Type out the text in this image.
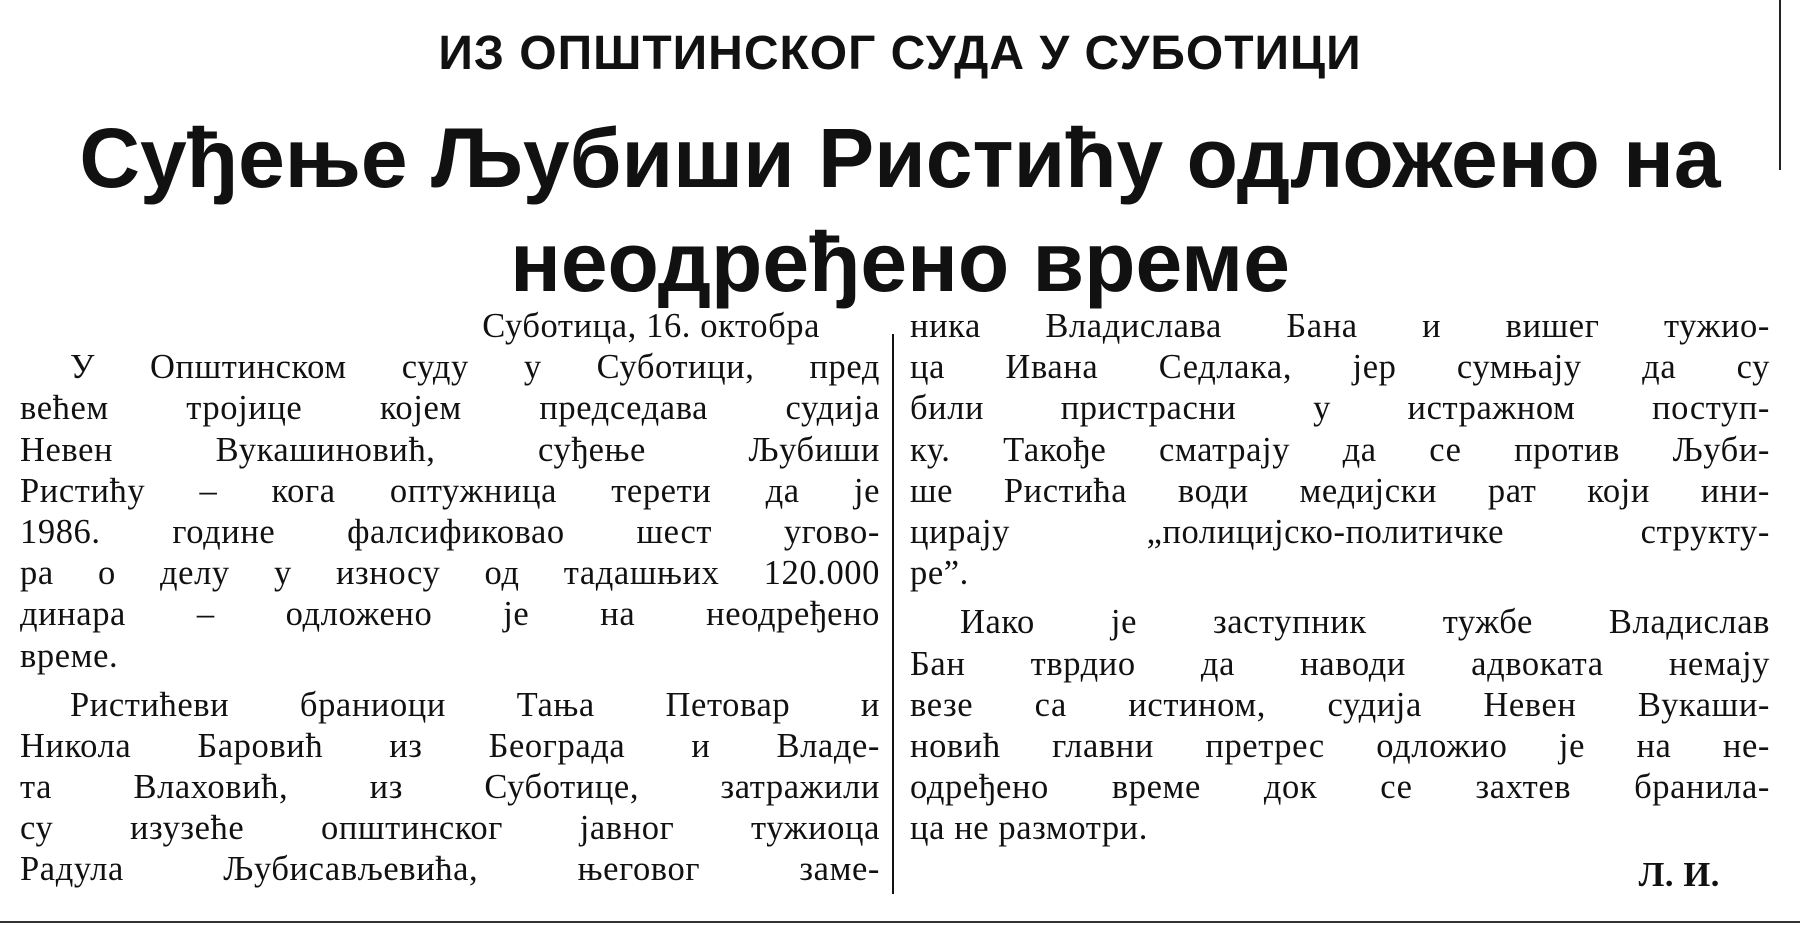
ИЗ ОПШТИНСКОГ СУДА У СУБОТИЦИ
Суђење Љубиши Ристићу одложено на
неодређено време
Суботица, 16. октобра
У Општинском суду у Суботици, пред
већем тројице којем председава судија
Невен Вукашиновић, суђење Љубиши
Ристићу – кога оптужница терети да је
1986. године фалсификовао шест угово-
ра о делу у износу од тадашњих 120.000
динара – одложено је на неодређено
време.
Ристићеви браниоци Тања Петовар и
Никола Баровић из Београда и Владе-
та Влаховић, из Суботице, затражили
су изузеће општинског јавног тужиоца
Радула Љубисављевића, његовог заме-
ника Владислава Бана и вишег тужио-
ца Ивана Седлака, јер сумњају да су
били пристрасни у истражном поступ-
ку. Такође сматрају да се против Љуби-
ше Ристића води медијски рат који ини-
цирају „полицијско-политичке структу-
ре”.
Иако је заступник тужбе Владислав
Бан тврдио да наводи адвоката немају
везе са истином, судија Невен Вукаши-
новић главни претрес одложио је на не-
одређено време док се захтев бранила-
ца не размотри.
Л. И.
